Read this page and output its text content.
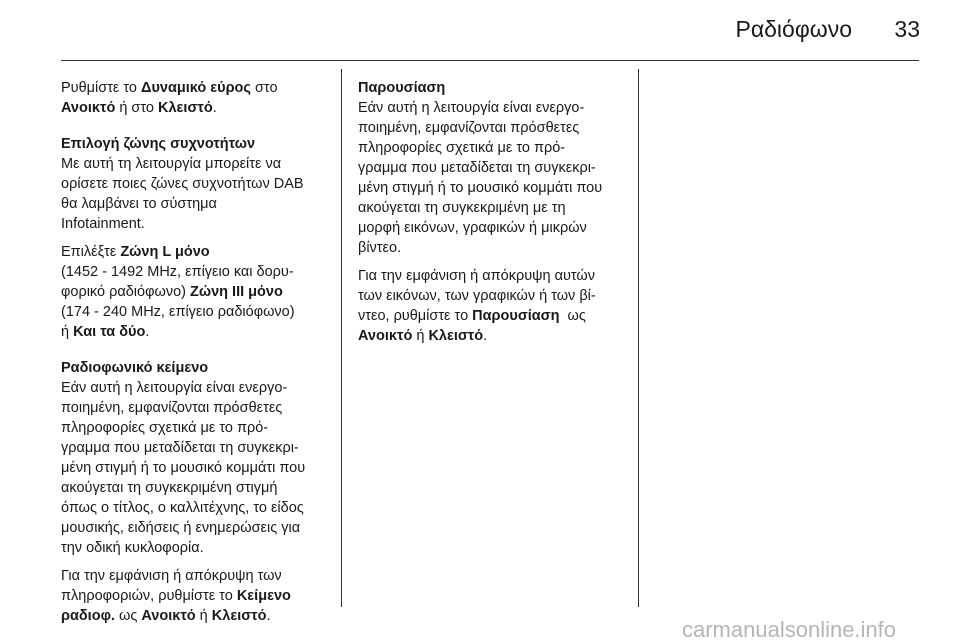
Ραδιόφωνο 33

Ρυθμίστε το Δυναμικό εύρος στο
Ανοικτό ή στο Κλειστό.

Επιλογή ζώνης συχνοτήτων
Με αυτή τη λειτουργία μπορείτε να
ορίσετε ποιες ζώνες συχνοτήτων DAB
θα λαμβάνει το σύστημα
Infotainment.

Επιλέξτε Ζώνη L μόνο
(1452 - 1492 MHz, επίγειο και δορυ-
φορικό ραδιόφωνο) Ζώνη ΙΙΙ μόνο
(174 - 240 MHz, επίγειο ραδιόφωνο)
ή Και τα δύο.

Ραδιοφωνικό κείμενο
Εάν αυτή η λειτουργία είναι ενεργο-
ποιημένη, εμφανίζονται πρόσθετες
πληροφορίες σχετικά με το πρό-
γραμμα που μεταδίδεται τη συγκεκρι-
μένη στιγμή ή το μουσικό κομμάτι που
ακούγεται τη συγκεκριμένη στιγμή
όπως ο τίτλος, ο καλλιτέχνης, το είδος
μουσικής, ειδήσεις ή ενημερώσεις για
την οδική κυκλοφορία.

Για την εμφάνιση ή απόκρυψη των
πληροφοριών, ρυθμίστε το Κείμενο
ραδιοφ. ως Ανοικτό ή Κλειστό.

Παρουσίαση
Εάν αυτή η λειτουργία είναι ενεργο-
ποιημένη, εμφανίζονται πρόσθετες
πληροφορίες σχετικά με το πρό-
γραμμα που μεταδίδεται τη συγκεκρι-
μένη στιγμή ή το μουσικό κομμάτι που
ακούγεται τη συγκεκριμένη με τη
μορφή εικόνων, γραφικών ή μικρών
βίντεο.

Για την εμφάνιση ή απόκρυψη αυτών
των εικόνων, των γραφικών ή των βί-
ντεο, ρυθμίστε το Παρουσίαση  ως
Ανοικτό ή Κλειστό.

carmanualsonline.info
